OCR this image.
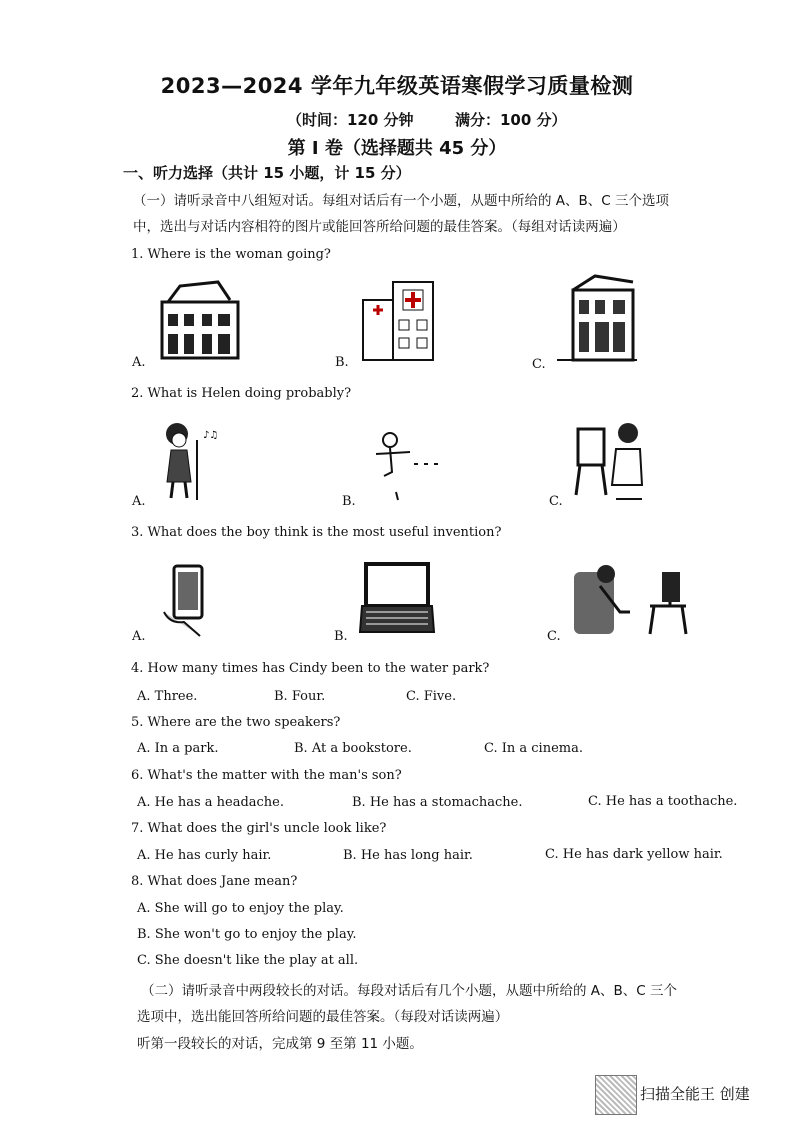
2023—2024 学年九年级英语寒假学习质量检测
（时间：120 分钟	满分：100 分）
第 Ⅰ 卷（选择题共 45 分）
一、听力选择（共计 15 小题，计 15 分）
（一）请听录音中八组短对话。每组对话后有一个小题，从题中所给的 A、B、C 三个选项
中，选出与对话内容相符的图片或能回答所给问题的最佳答案。（每组对话读两遍）
1. Where is the woman going?
A.	B.	C.
2. What is Helen doing probably?
♪♫
A.	B.	C.
3. What does the boy think is the most useful invention?
A.	B.	C.
4. How many times has Cindy been to the water park?
A. Three.	B. Four.	C. Five.
5. Where are the two speakers?
A. In a park.	B. At a bookstore.	C. In a cinema.
6. What's the matter with the man's son?
A. He has a headache.	B. He has a stomachache.	C. He has a toothache.
7. What does the girl's uncle look like?
A. He has curly hair.	B. He has long hair.	C. He has dark yellow hair.
8. What does Jane mean?
A. She will go to enjoy the play.
B. She won't go to enjoy the play.
C. She doesn't like the play at all.
（二）请听录音中两段较长的对话。每段对话后有几个小题，从题中所给的 A、B、C 三个
选项中，选出能回答所给问题的最佳答案。（每段对话读两遍）
听第一段较长的对话，完成第 9 至第 11 小题。
扫描全能王 创建
